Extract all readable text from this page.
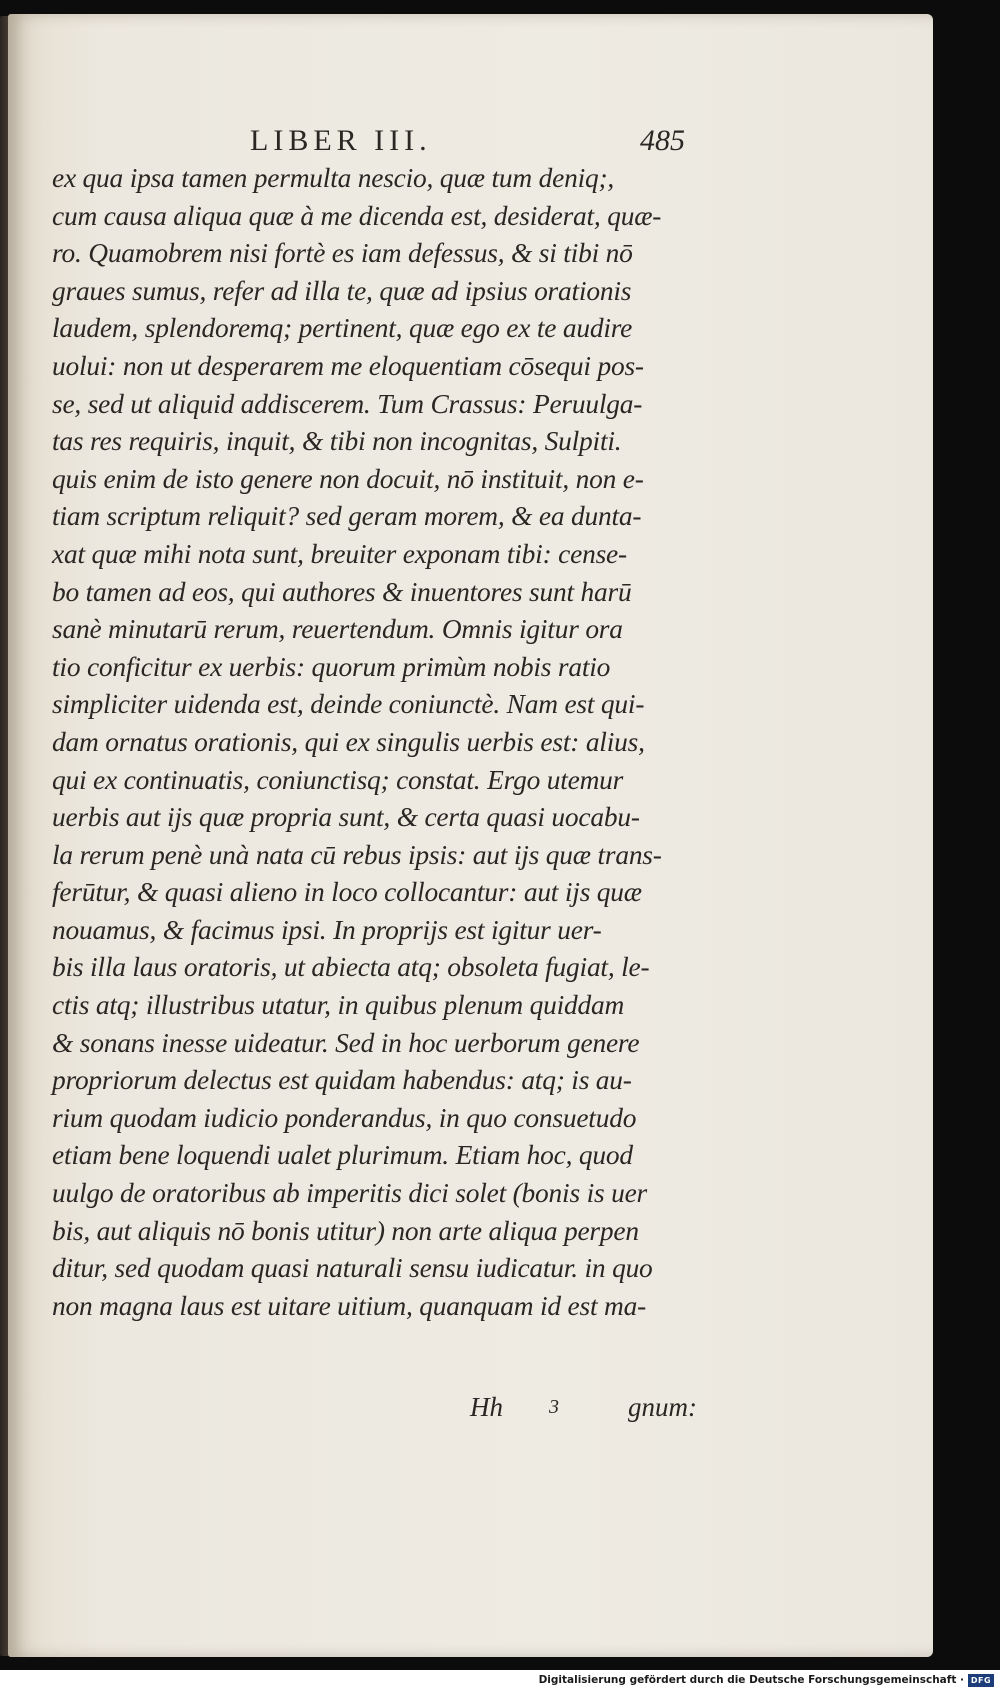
LIBER III.	485
ex qua ipsa tamen permulta nescio, quæ tum deniq;,
cum causa aliqua quæ à me dicenda est, desiderat, quæ-
ro. Quamobrem nisi fortè es iam defessus, & si tibi nō
graues sumus, refer ad illa te, quæ ad ipsius orationis
laudem, splendoremq; pertinent, quæ ego ex te audire
uolui: non ut desperarem me eloquentiam cōsequi pos-
se, sed ut aliquid addiscerem. Tum Crassus: Peruulga-
tas res requiris, inquit, & tibi non incognitas, Sulpiti.
quis enim de isto genere non docuit, nō instituit, non e-
tiam scriptum reliquit? sed geram morem, & ea dunta-
xat quæ mihi nota sunt, breuiter exponam tibi: cense-
bo tamen ad eos, qui authores & inuentores sunt harū
sanè minutarū rerum, reuertendum. Omnis igitur ora
tio conficitur ex uerbis: quorum primùm nobis ratio
simpliciter uidenda est, deinde coniunctè. Nam est qui-
dam ornatus orationis, qui ex singulis uerbis est: alius,
qui ex continuatis, coniunctisq; constat. Ergo utemur
uerbis aut ijs quæ propria sunt, & certa quasi uocabu-
la rerum penè unà nata cū rebus ipsis: aut ijs quæ trans-
ferūtur, & quasi alieno in loco collocantur: aut ijs quæ
nouamus, & facimus ipsi. In proprijs est igitur uer-
bis illa laus oratoris, ut abiecta atq; obsoleta fugiat, le-
ctis atq; illustribus utatur, in quibus plenum quiddam
& sonans inesse uideatur. Sed in hoc uerborum genere
propriorum delectus est quidam habendus: atq; is au-
rium quodam iudicio ponderandus, in quo consuetudo
etiam bene loquendi ualet plurimum. Etiam hoc, quod
uulgo de oratoribus ab imperitis dici solet (bonis is uer
bis, aut aliquis nō bonis utitur) non arte aliqua perpen
ditur, sed quodam quasi naturali sensu iudicatur. in quo
non magna laus est uitare uitium, quanquam id est ma-
Hh 3	gnum:
Digitalisierung gefördert durch die Deutsche Forschungsgemeinschaft · DFG
